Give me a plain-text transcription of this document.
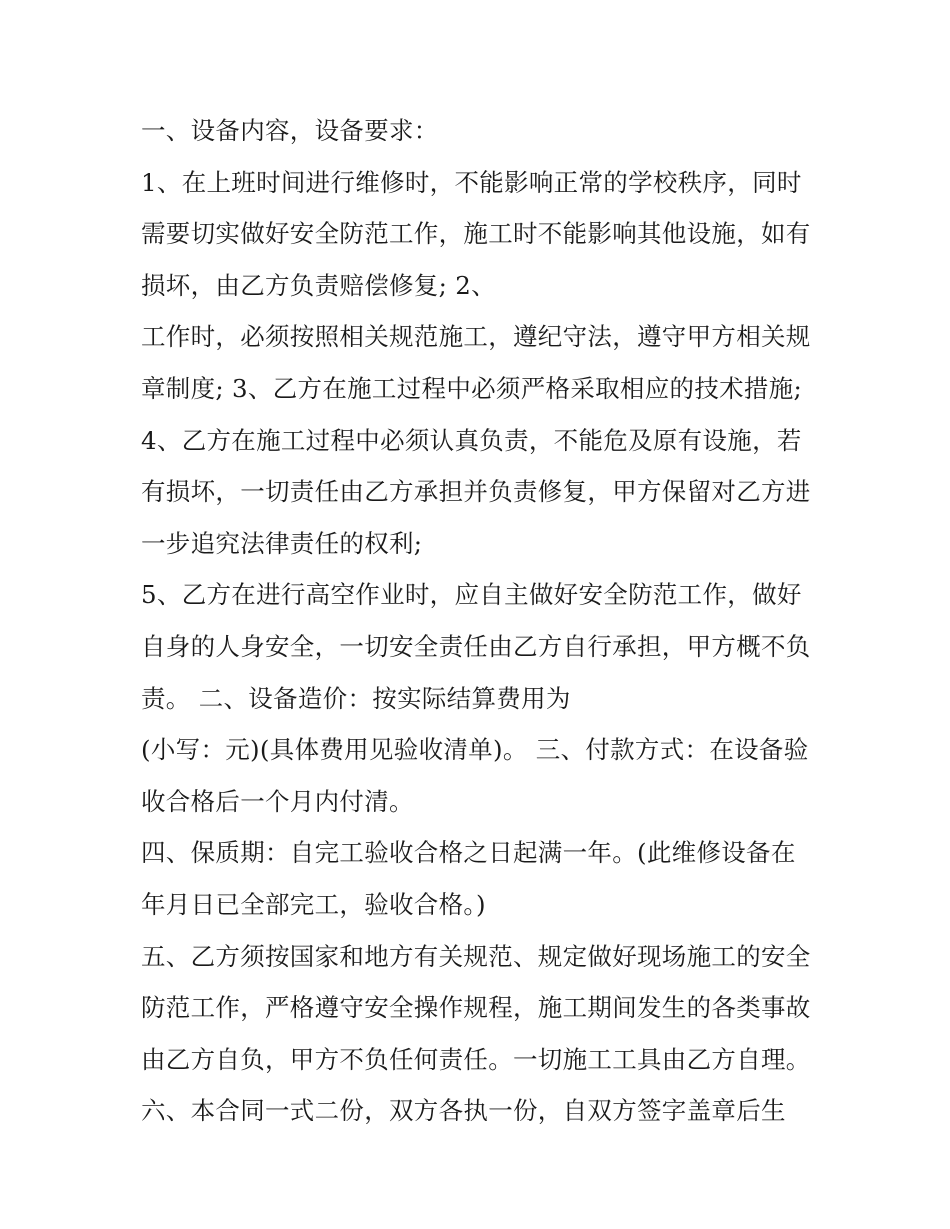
一、设备内容，设备要求：
1、在上班时间进行维修时，不能影响正常的学校秩序，同时
需要切实做好安全防范工作，施工时不能影响其他设施，如有
损坏，由乙方负责赔偿修复; 2、
工作时，必须按照相关规范施工，遵纪守法，遵守甲方相关规
章制度; 3、乙方在施工过程中必须严格采取相应的技术措施;
4、乙方在施工过程中必须认真负责，不能危及原有设施，若
有损坏，一切责任由乙方承担并负责修复，甲方保留对乙方进
一步追究法律责任的权利;
5、乙方在进行高空作业时，应自主做好安全防范工作，做好
自身的人身安全，一切安全责任由乙方自行承担，甲方概不负
责。 二、设备造价：按实际结算费用为
(小写：元)(具体费用见验收清单)。 三、付款方式：在设备验
收合格后一个月内付清。
四、保质期：自完工验收合格之日起满一年。(此维修设备在
年月日已全部完工，验收合格。)
五、乙方须按国家和地方有关规范、规定做好现场施工的安全
防范工作，严格遵守安全操作规程，施工期间发生的各类事故
由乙方自负，甲方不负任何责任。一切施工工具由乙方自理。
六、本合同一式二份，双方各执一份，自双方签字盖章后生
